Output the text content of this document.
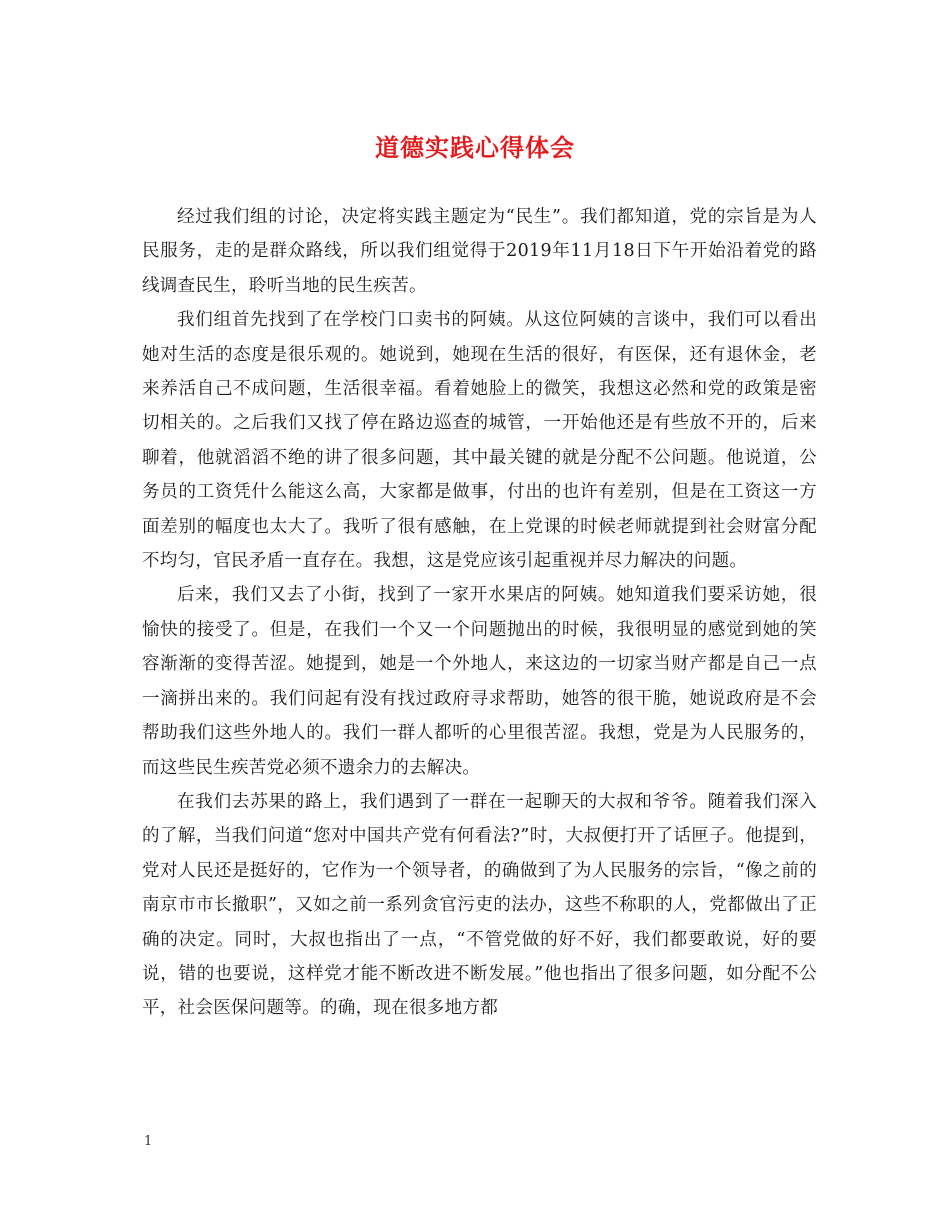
道德实践心得体会

经过我们组的讨论，决定将实践主题定为“民生”。我们都知道，党的宗旨是为人民服务，走的是群众路线，所以我们组觉得于2019年11月18日下午开始沿着党的路线调查民生，聆听当地的民生疾苦。

我们组首先找到了在学校门口卖书的阿姨。从这位阿姨的言谈中，我们可以看出她对生活的态度是很乐观的。她说到，她现在生活的很好，有医保，还有退休金，老来养活自己不成问题，生活很幸福。看着她脸上的微笑，我想这必然和党的政策是密切相关的。之后我们又找了停在路边巡查的城管，一开始他还是有些放不开的，后来聊着，他就滔滔不绝的讲了很多问题，其中最关键的就是分配不公问题。他说道，公务员的工资凭什么能这么高，大家都是做事，付出的也许有差别，但是在工资这一方面差别的幅度也太大了。我听了很有感触，在上党课的时候老师就提到社会财富分配不均匀，官民矛盾一直存在。我想，这是党应该引起重视并尽力解决的问题。

后来，我们又去了小街，找到了一家开水果店的阿姨。她知道我们要采访她，很愉快的接受了。但是，在我们一个又一个问题抛出的时候，我很明显的感觉到她的笑容渐渐的变得苦涩。她提到，她是一个外地人，来这边的一切家当财产都是自己一点一滴拼出来的。我们问起有没有找过政府寻求帮助，她答的很干脆，她说政府是不会帮助我们这些外地人的。我们一群人都听的心里很苦涩。我想，党是为人民服务的，而这些民生疾苦党必须不遗余力的去解决。

在我们去苏果的路上，我们遇到了一群在一起聊天的大叔和爷爷。随着我们深入的了解，当我们问道“您对中国共产党有何看法?”时，大叔便打开了话匣子。他提到，党对人民还是挺好的，它作为一个领导者，的确做到了为人民服务的宗旨，“像之前的南京市市长撤职”，又如之前一系列贪官污吏的法办，这些不称职的人，党都做出了正确的决定。同时，大叔也指出了一点，“不管党做的好不好，我们都要敢说，好的要说，错的也要说，这样党才能不断改进不断发展。”他也指出了很多问题，如分配不公平，社会医保问题等。的确，现在很多地方都

1
